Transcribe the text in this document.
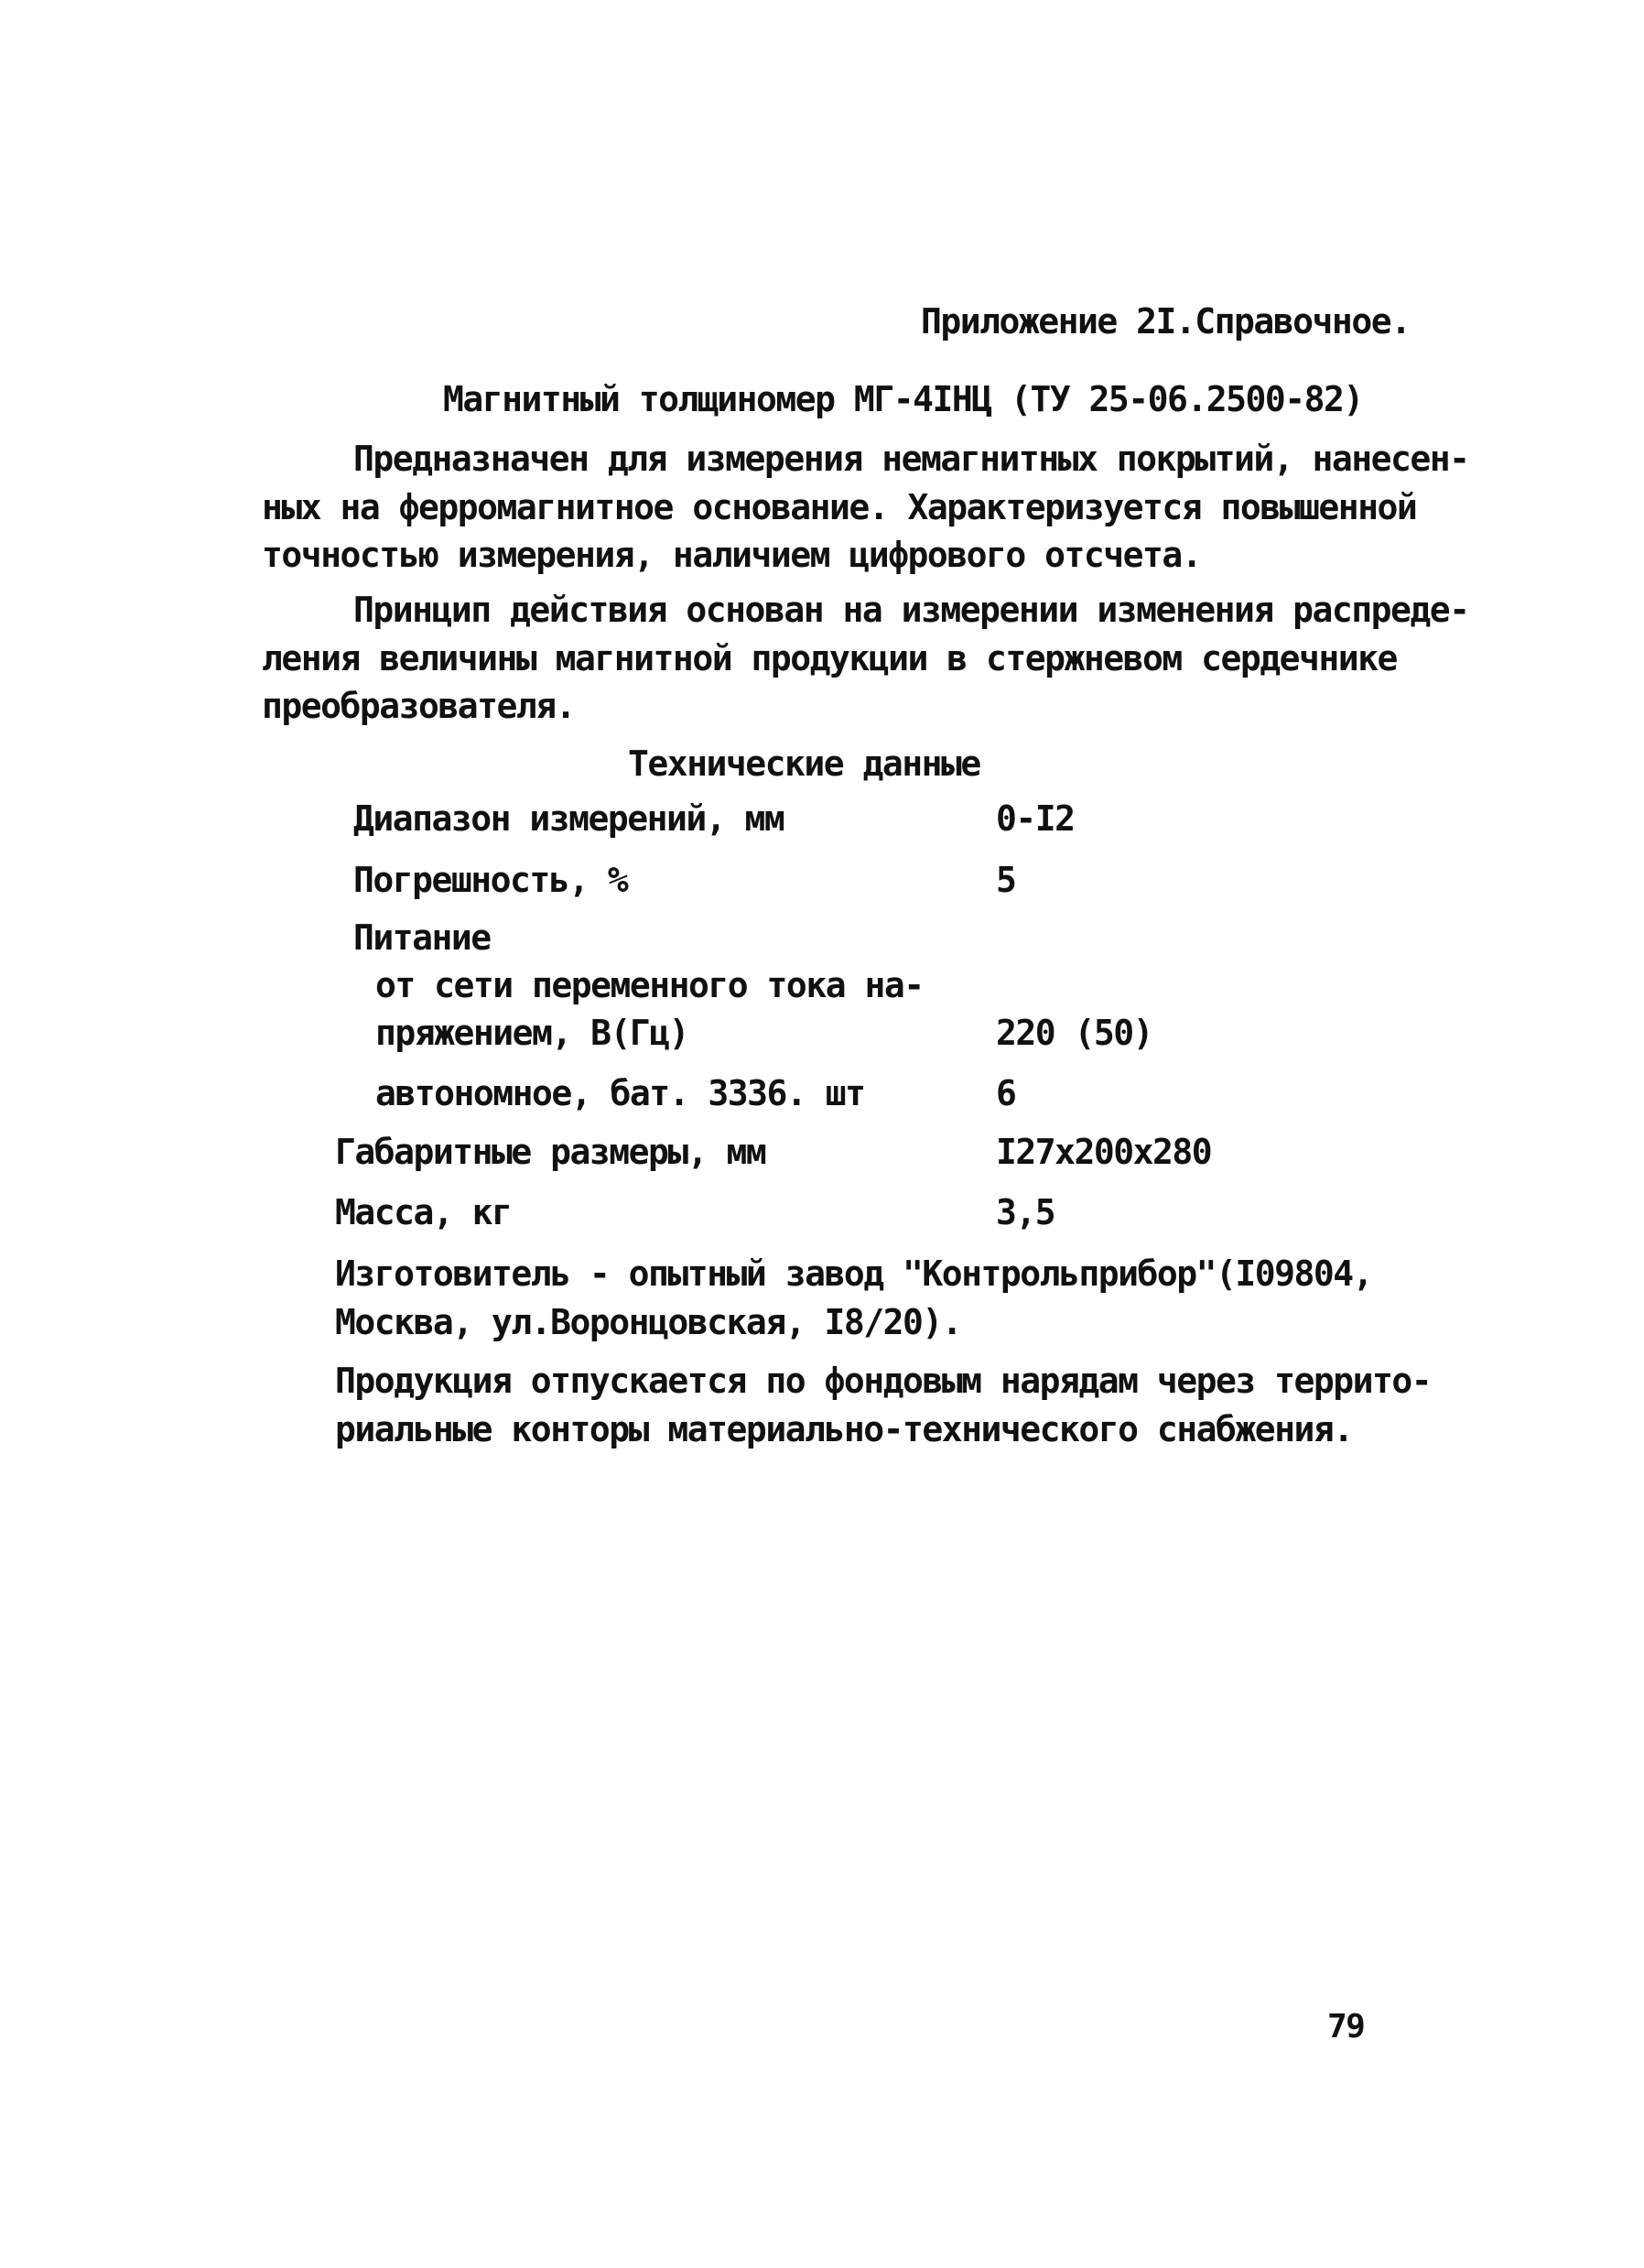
Приложение 2I.Справочное.
Магнитный толщиномер МГ-4IНЦ (ТУ 25-06.2500-82)
Предназначен для измерения немагнитных покрытий, нанесен-
ных на ферромагнитное основание. Характеризуется повышенной
точностью измерения, наличием цифрового отсчета.
Принцип действия основан на измерении изменения распреде-
ления величины магнитной продукции в стержневом сердечнике
преобразователя.
Технические данные
Диапазон измерений, мм	0-I2
Погрешность, %	5
Питание
от сети переменного тока на-
пряжением, В(Гц)	220 (50)
автономное, бат. 3336. шт	6
Габаритные размеры, мм	I27х200х280
Масса, кг	3,5
Изготовитель - опытный завод "Контрольприбор"(I09804,
Москва, ул.Воронцовская, I8/20).
Продукция отпускается по фондовым нарядам через террито-
риальные конторы материально-технического снабжения.
79
